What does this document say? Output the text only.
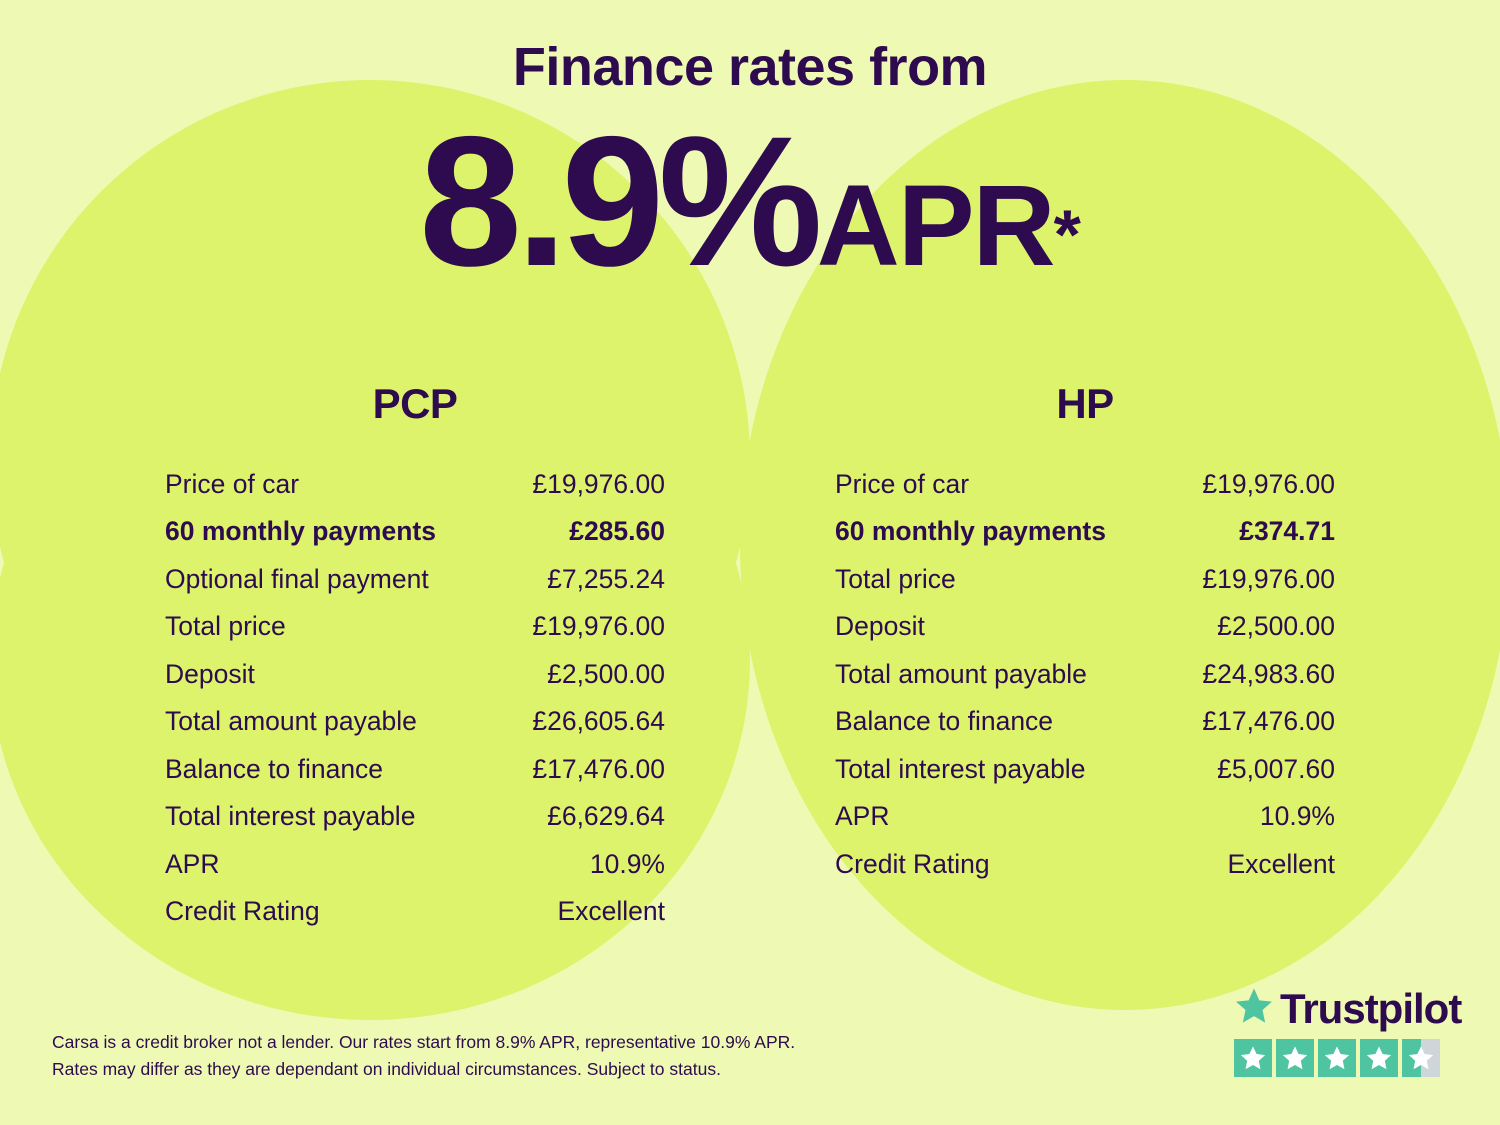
Finance rates from
8.9%APR*
PCP
Price of car	£19,976.00
60 monthly payments	£285.60
Optional final payment	£7,255.24
Total price	£19,976.00
Deposit	£2,500.00
Total amount payable	£26,605.64
Balance to finance	£17,476.00
Total interest payable	£6,629.64
APR	10.9%
Credit Rating	Excellent
HP
Price of car	£19,976.00
60 monthly payments	£374.71
Total price	£19,976.00
Deposit	£2,500.00
Total amount payable	£24,983.60
Balance to finance	£17,476.00
Total interest payable	£5,007.60
APR	10.9%
Credit Rating	Excellent
Carsa is a credit broker not a lender. Our rates start from 8.9% APR, representative 10.9% APR.
Rates may differ as they are dependant on individual circumstances. Subject to status.
Trustpilot
